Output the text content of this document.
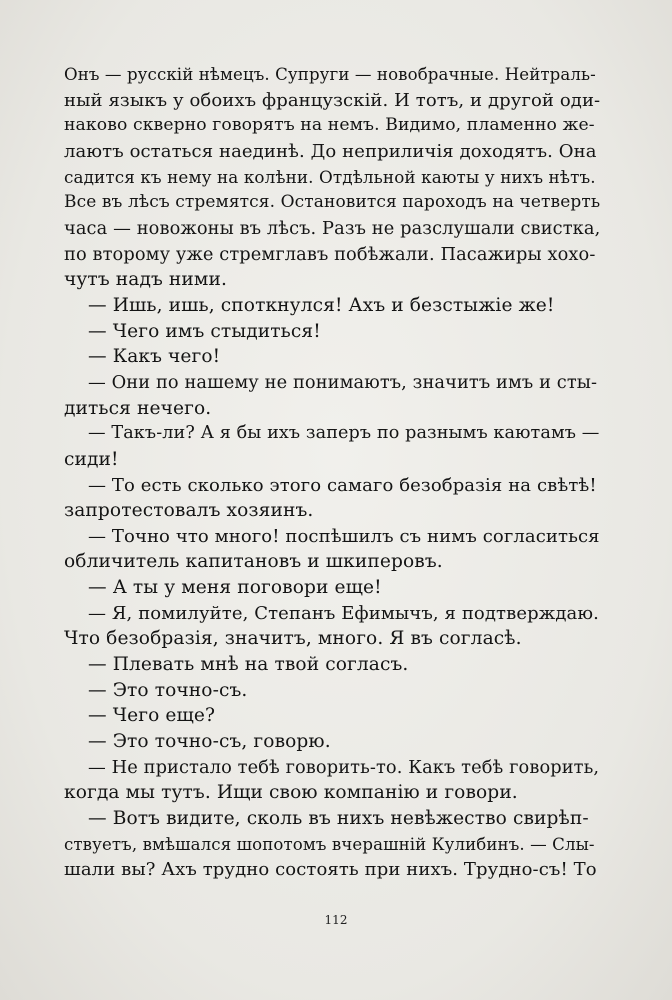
Онъ — русскій нѣмецъ. Супруги — новобрачные. Нейтраль-
ный языкъ у обоихъ французскій. И тотъ, и другой оди-
наково скверно говорятъ на немъ. Видимо, пламенно же-
лаютъ остаться наединѣ. До неприличія доходятъ. Она
садится къ нему на колѣни. Отдѣльной каюты у нихъ нѣтъ.
Все въ лѣсъ стремятся. Остановится пароходъ на четверть
часа — новожоны въ лѣсъ. Разъ не разслушали свистка,
по второму уже стремглавъ побѣжали. Пасажиры хохо-
чутъ надъ ними.
— Ишь, ишь, споткнулся! Ахъ и безстыжіе же!
— Чего имъ стыдиться!
— Какъ чего!
— Они по нашему не понимаютъ, значитъ имъ и сты-
диться нечего.
— Такъ-ли? А я бы ихъ заперъ по разнымъ каютамъ —
сиди!
— То есть сколько этого самаго безобразія на свѣтѣ!
запротестовалъ хозяинъ.
— Точно что много! поспѣшилъ съ нимъ согласиться
обличитель капитановъ и шкиперовъ.
— А ты у меня поговори еще!
— Я, помилуйте, Степанъ Ефимычъ, я подтверждаю.
Что безобразія, значитъ, много. Я въ согласѣ.
— Плевать мнѣ на твой согласъ.
— Это точно-съ.
— Чего еще?
— Это точно-съ, говорю.
— Не пристало тебѣ говорить-то. Какъ тебѣ говорить,
когда мы тутъ. Ищи свою компанію и говори.
— Вотъ видите, сколь въ нихъ невѣжество свирѣп-
ствуетъ, вмѣшался шопотомъ вчерашній Кулибинъ. — Слы-
шали вы? Ахъ трудно состоять при нихъ. Трудно-съ! То
112
